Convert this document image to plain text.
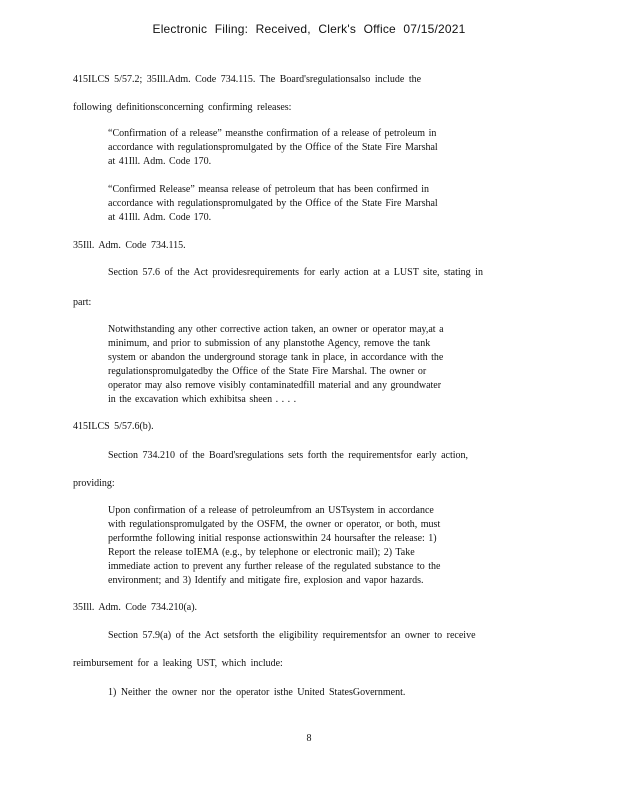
Electronic Filing: Received, Clerk's Office 07/15/2021
415ILCS 5/57.2; 35Ill.Adm. Code 734.115. The Board'sregulationsalso include the
following definitionsconcerning confirming releases:
“Confirmation of a release” meansthe confirmation of a release of petroleum in
accordance with regulationspromulgated by the Office of the State Fire Marshal
at 41Ill. Adm. Code 170.
“Confirmed Release” meansa release of petroleum that has been confirmed in
accordance with regulationspromulgated by the Office of the State Fire Marshal
at 41Ill. Adm. Code 170.
35Ill. Adm. Code 734.115.
Section 57.6 of the Act providesrequirements for early action at a LUST site, stating in
part:
Notwithstanding any other corrective action taken, an owner or operator may,at a
minimum, and prior to submission of any planstothe Agency, remove the tank
system or abandon the underground storage tank in place, in accordance with the
regulationspromulgatedby the Office of the State Fire Marshal. The owner or
operator may also remove visibly contaminatedfill material and any groundwater
in the excavation which exhibitsa sheen . . . .
415ILCS 5/57.6(b).
Section 734.210 of the Board'sregulations sets forth the requirementsfor early action,
providing:
Upon confirmation of a release of petroleumfrom an USTsystem in accordance
with regulationspromulgated by the OSFM, the owner or operator, or both, must
performthe following initial response actionswithin 24 hoursafter the release: 1)
Report the release toIEMA (e.g., by telephone or electronic mail); 2) Take
immediate action to prevent any further release of the regulated substance to the
environment; and 3) Identify and mitigate fire, explosion and vapor hazards.
35Ill. Adm. Code 734.210(a).
Section 57.9(a) of the Act setsforth the eligibility requirementsfor an owner to receive
reimbursement for a leaking UST, which include:
1) Neither the owner nor the operator isthe United StatesGovernment.
8
